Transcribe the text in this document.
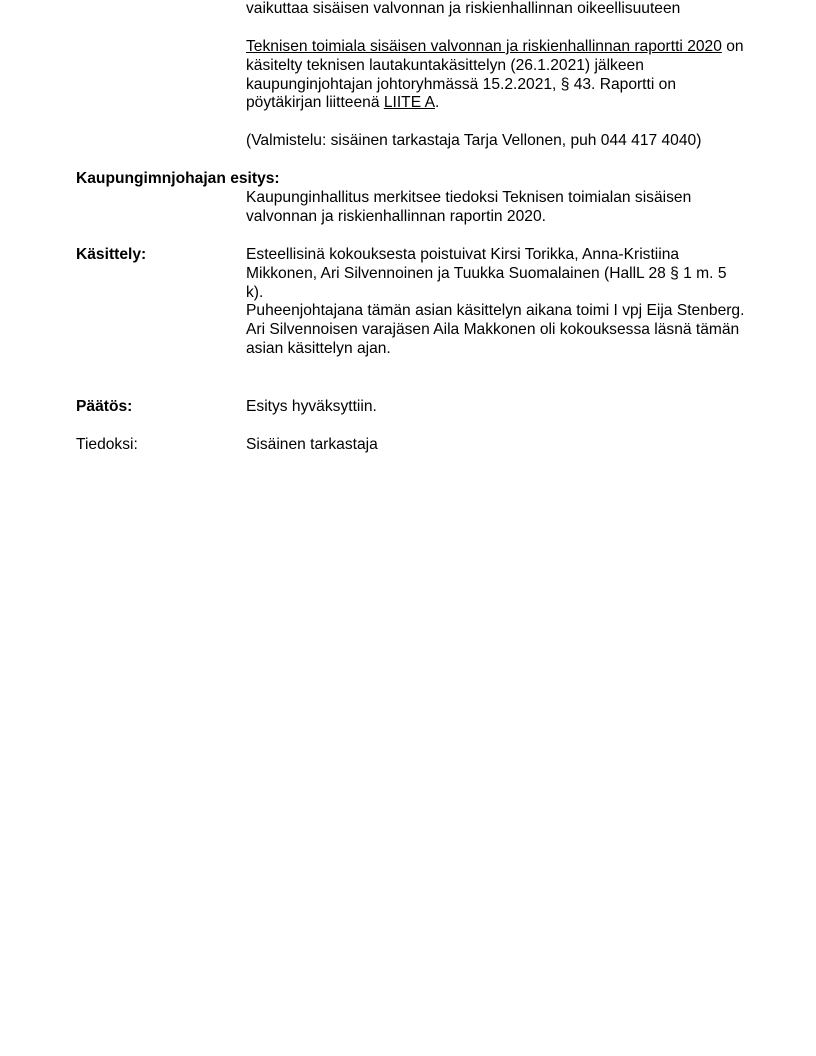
vaikuttaa sisäisen valvonnan ja riskienhallinnan oikeellisuuteen

Teknisen toimiala sisäisen valvonnan ja riskienhallinnan raportti 2020 on käsitelty teknisen lautakuntakäsittelyn (26.1.2021) jälkeen kaupunginjohtajan johtoryhmässä 15.2.2021, § 43. Raportti on pöytäkirjan liitteenä LIITE A.

(Valmistelu: sisäinen tarkastaja Tarja Vellonen, puh 044 417 4040)

Kaupungimnjohajan esitys:

Kaupunginhallitus merkitsee tiedoksi Teknisen toimialan sisäisen valvonnan ja riskienhallinnan raportin 2020.

Käsittely:	Esteellisinä kokouksesta poistuivat Kirsi Torikka, Anna-Kristiina Mikkonen, Ari Silvennoinen ja Tuukka Suomalainen (HallL 28 § 1 m. 5 k).

Puheenjohtajana tämän asian käsittelyn aikana toimi I vpj Eija Stenberg.

Ari Silvennoisen varajäsen Aila Makkonen oli kokouksessa läsnä tämän asian käsittelyn ajan.

Päätös:	Esitys hyväksyttiin.

Tiedoksi:	Sisäinen tarkastaja
